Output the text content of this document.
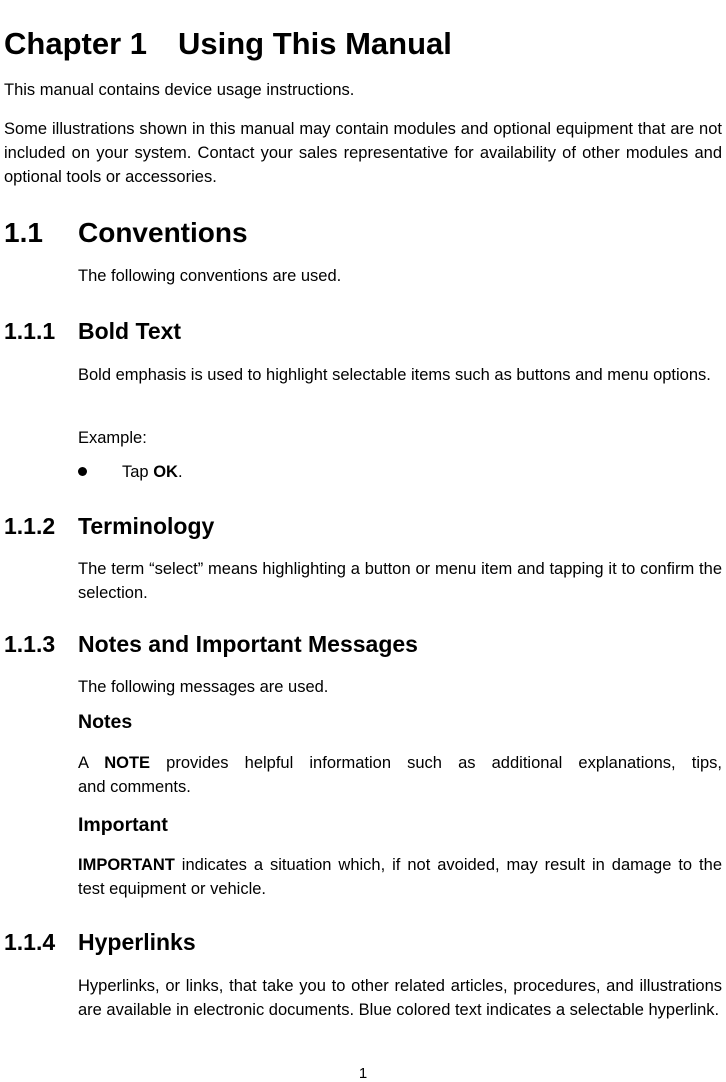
Chapter 1 Using This Manual

This manual contains device usage instructions.

Some illustrations shown in this manual may contain modules and optional equipment that are not included on your system. Contact your sales representative for availability of other modules and optional tools or accessories.

1.1 Conventions

The following conventions are used.

1.1.1 Bold Text

Bold emphasis is used to highlight selectable items such as buttons and menu options.

Example:

Tap OK.
1.1.2 Terminology

The term “select” means highlighting a button or menu item and tapping it to confirm the selection.

1.1.3 Notes and Important Messages

The following messages are used.

Notes

A NOTE provides helpful information such as additional explanations, tips,

and comments.

Important

IMPORTANT indicates a situation which, if not avoided, may result in damage to the test equipment or vehicle.

1.1.4 Hyperlinks

Hyperlinks, or links, that take you to other related articles, procedures, and illustrations are available in electronic documents. Blue colored text indicates a selectable hyperlink.

1
